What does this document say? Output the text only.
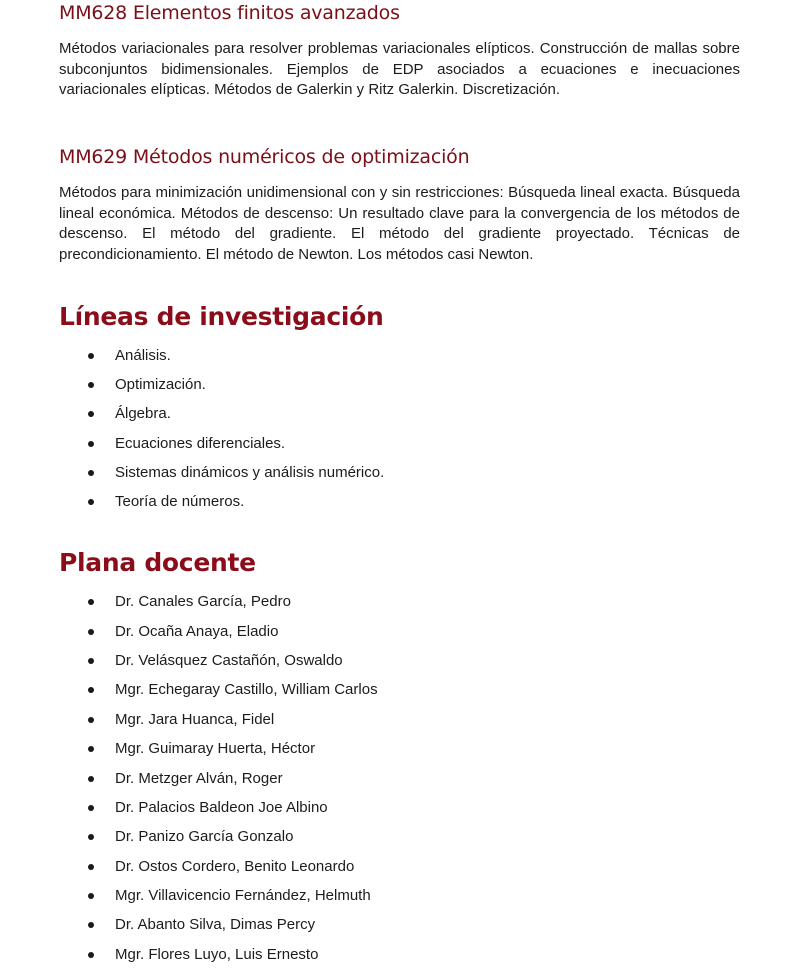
MM628 Elementos finitos avanzados

Métodos variacionales para resolver problemas variacionales elípticos. Construcción de mallas sobre subconjuntos bidimensionales. Ejemplos de EDP asociados a ecuaciones e inecuaciones variacionales elípticas. Métodos de Galerkin y Ritz Galerkin. Discretización.

MM629 Métodos numéricos de optimización

Métodos para minimización unidimensional con y sin restricciones: Búsqueda lineal exacta. Búsqueda lineal económica. Métodos de descenso: Un resultado clave para la convergencia de los métodos de descenso. El método del gradiente. El método del gradiente proyectado. Técnicas de precondicionamiento. El método de Newton. Los métodos casi Newton.

Líneas de investigación
Análisis.
Optimización.
Álgebra.
Ecuaciones diferenciales.
Sistemas dinámicos y análisis numérico.
Teoría de números.
Plana docente
Dr. Canales García, Pedro
Dr. Ocaña Anaya, Eladio
Dr. Velásquez Castañón, Oswaldo
Mgr. Echegaray Castillo, William Carlos
Mgr. Jara Huanca, Fidel
Mgr. Guimaray Huerta, Héctor
Dr. Metzger Alván, Roger
Dr. Palacios Baldeon Joe Albino
Dr. Panizo García Gonzalo
Dr. Ostos Cordero, Benito Leonardo
Mgr. Villavicencio Fernández, Helmuth
Dr. Abanto Silva, Dimas Percy
Mgr. Flores Luyo, Luis Ernesto
